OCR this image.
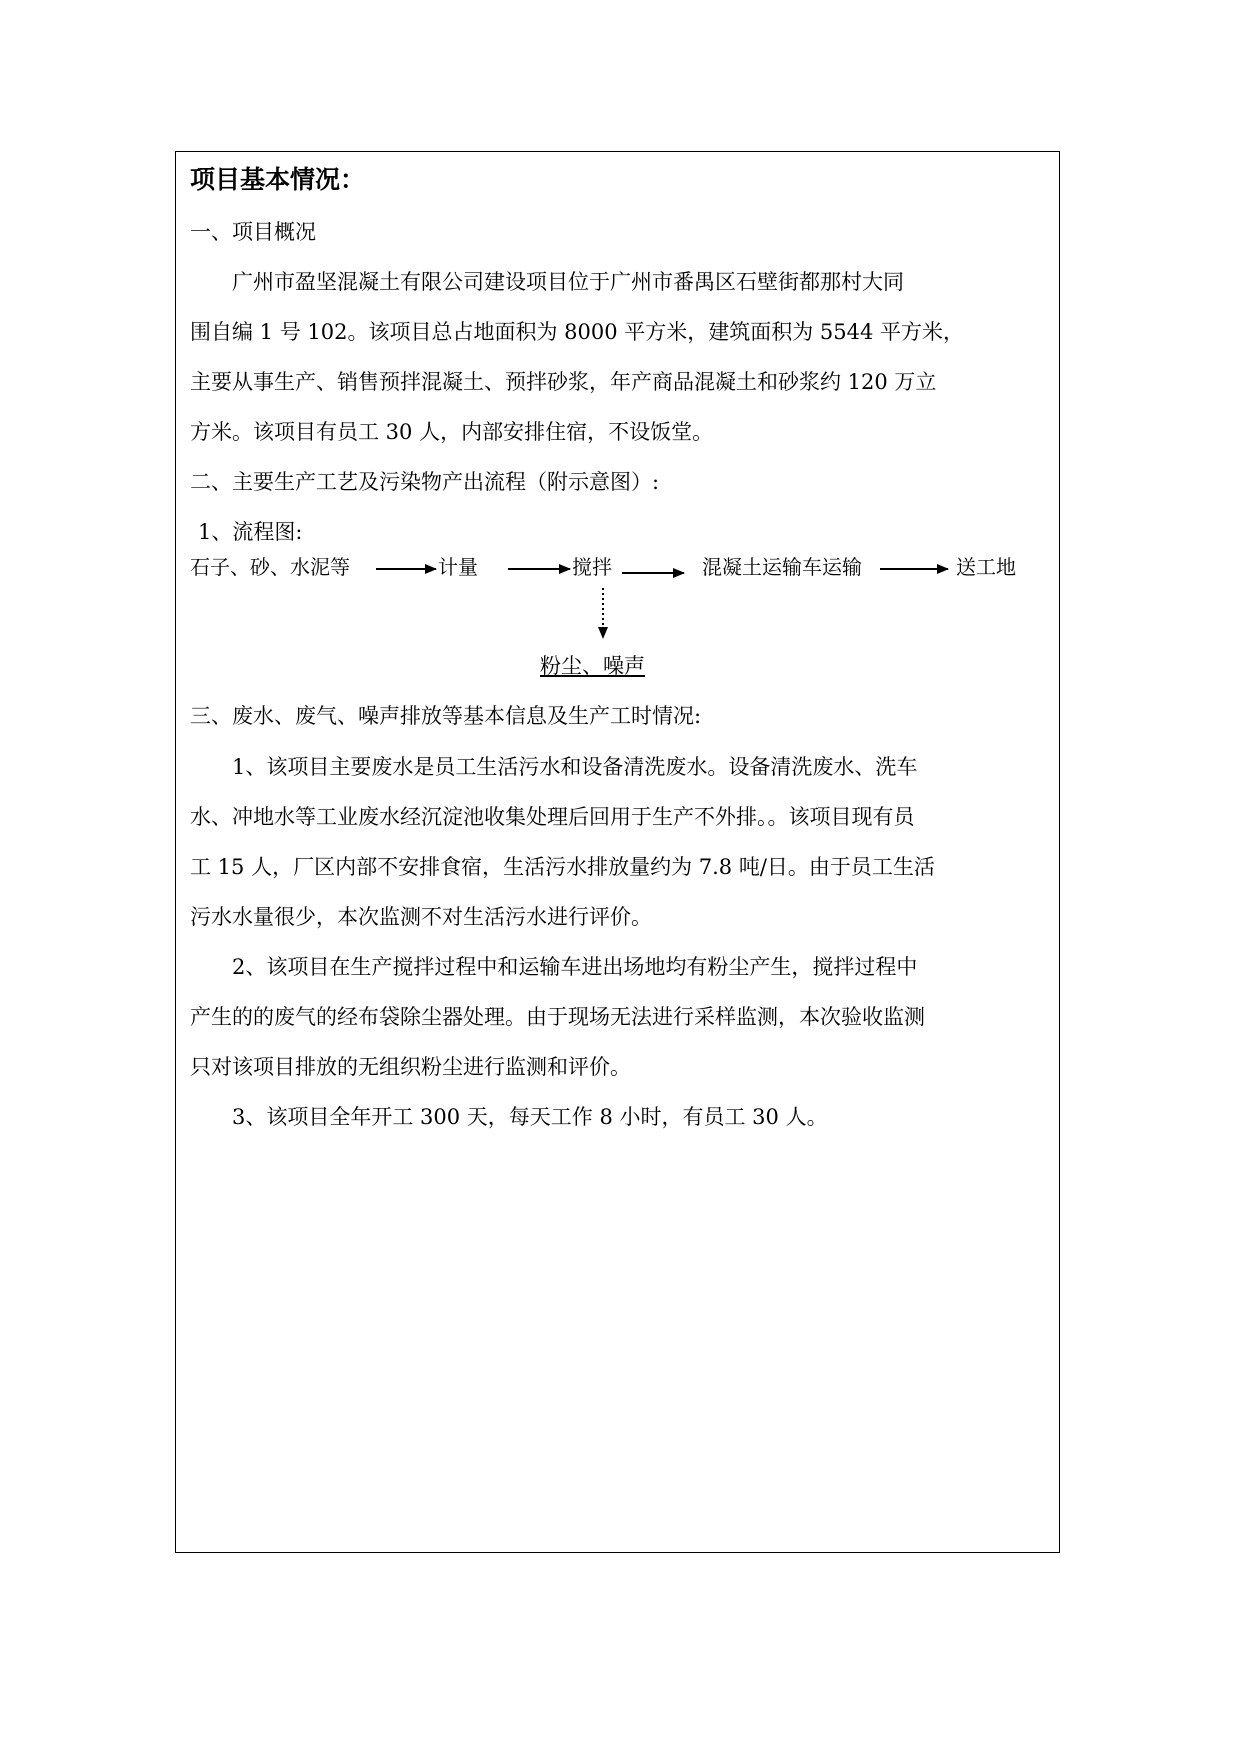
项目基本情况：
一、项目概况
广州市盈坚混凝土有限公司建设项目位于广州市番禺区石壁街都那村大同
围自编 1 号 102。该项目总占地面积为 8000 平方米，建筑面积为 5544 平方米，
主要从事生产、销售预拌混凝土、预拌砂浆，年产商品混凝土和砂浆约 120 万立
方米。该项目有员工 30 人，内部安排住宿，不设饭堂。
二、主要生产工艺及污染物产出流程（附示意图）:
1、流程图:
石子、砂、水泥等	计量	搅拌	混凝土运输车运输	送工地
粉尘、噪声
三、废水、废气、噪声排放等基本信息及生产工时情况:
1、该项目主要废水是员工生活污水和设备清洗废水。设备清洗废水、洗车
水、冲地水等工业废水经沉淀池收集处理后回用于生产不外排。。该项目现有员
工 15 人，厂区内部不安排食宿，生活污水排放量约为 7.8 吨/日。由于员工生活
污水水量很少，本次监测不对生活污水进行评价。
2、该项目在生产搅拌过程中和运输车进出场地均有粉尘产生，搅拌过程中
产生的的废气的经布袋除尘器处理。由于现场无法进行采样监测，本次验收监测
只对该项目排放的无组织粉尘进行监测和评价。
3、该项目全年开工 300 天，每天工作 8 小时，有员工 30 人。
